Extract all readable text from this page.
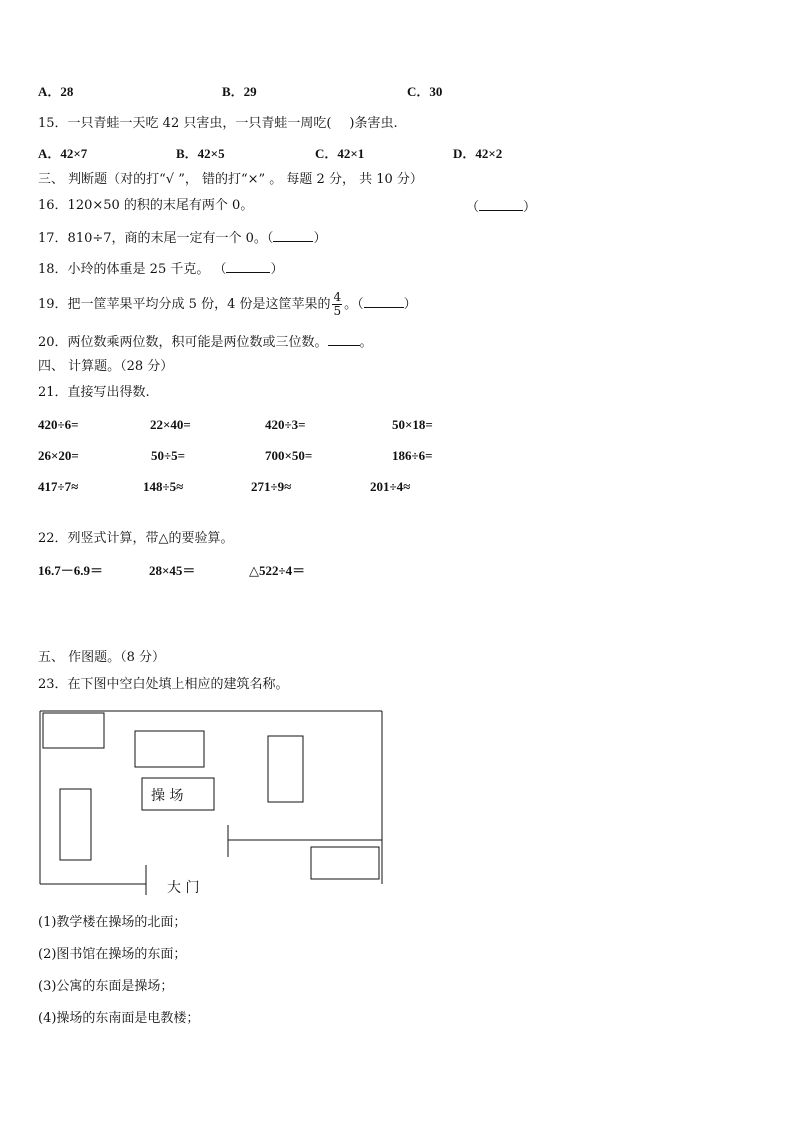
A．28	B．29	C．30
15．一只青蛙一天吃 42 只害虫，一只青蛙一周吃( )条害虫.
A．42×7	B．42×5	C．42×1	D．42×2
三、 判断题（对的打“√ ”， 错的打“×” 。 每题 2 分， 共 10 分）
16．120×50 的积的末尾有两个 0。	（	）
17．810÷7，商的末尾一定有一个 0。（	）
18．小玲的体重是 25 千克。 （	）
19．把一筐苹果平均分成 5 份，4 份是这筐苹果的 $\frac{4}{5}$ 。（	）
20．两位数乘两位数，积可能是两位数或三位数。 。
四、 计算题。（28 分）
21．直接写出得数.
420÷6=	22×40=	420÷3=	50×18=
26×20=	50÷5=	700×50=	186÷6=
417÷7≈	148÷5≈	271÷9≈	201÷4≈
22．列竖式计算，带△的要验算。
16.7－6.9＝	28×45＝	△522÷4＝
五、 作图题。（8 分）
23．在下图中空白处填上相应的建筑名称。
操 场
大 门
(1)教学楼在操场的北面；
(2)图书馆在操场的东面；
(3)公寓的东面是操场；
(4)操场的东南面是电教楼；
